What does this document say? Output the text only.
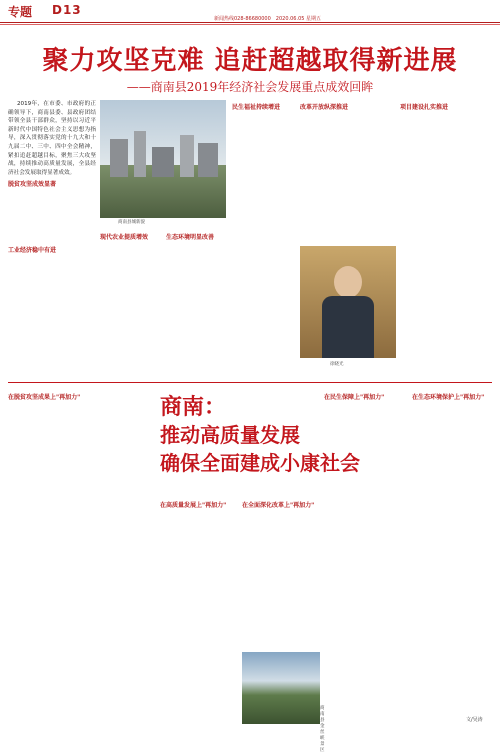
专题 D13
新闻热线028-86680000　2020.06.05 星期五
聚力攻坚克难 追赶超越取得新进展
——商南县2019年经济社会发展重点成效回眸

2019年，在市委、市政府的正确领导下，商南县委、县政府团结带领全县干部群众，坚持以习近平新时代中国特色社会主义思想为指导，深入贯彻落实党的十九大和十九届二中、三中、四中全会精神，紧扣追赶超越目标，聚焦三大攻坚战，持续推动高质量发展，全县经济社会发展取得显著成效。

脱贫攻坚成效显著
工业经济稳中有进
商南县城新貌
现代农业提质增效	生态环境明显改善
民生福祉持续增进	改革开放纵深推进
徐晓光
项目建设扎实推进
在脱贫攻坚成果上"再加力"	商南：
推动高质量发展
确保全面建成小康社会
在高质量发展上"再加力"	在全面深化改革上"再加力"
商南县金丝峡景区
在民生保障上"再加力"	在生态环境保护上"再加力"
文/吴涛
